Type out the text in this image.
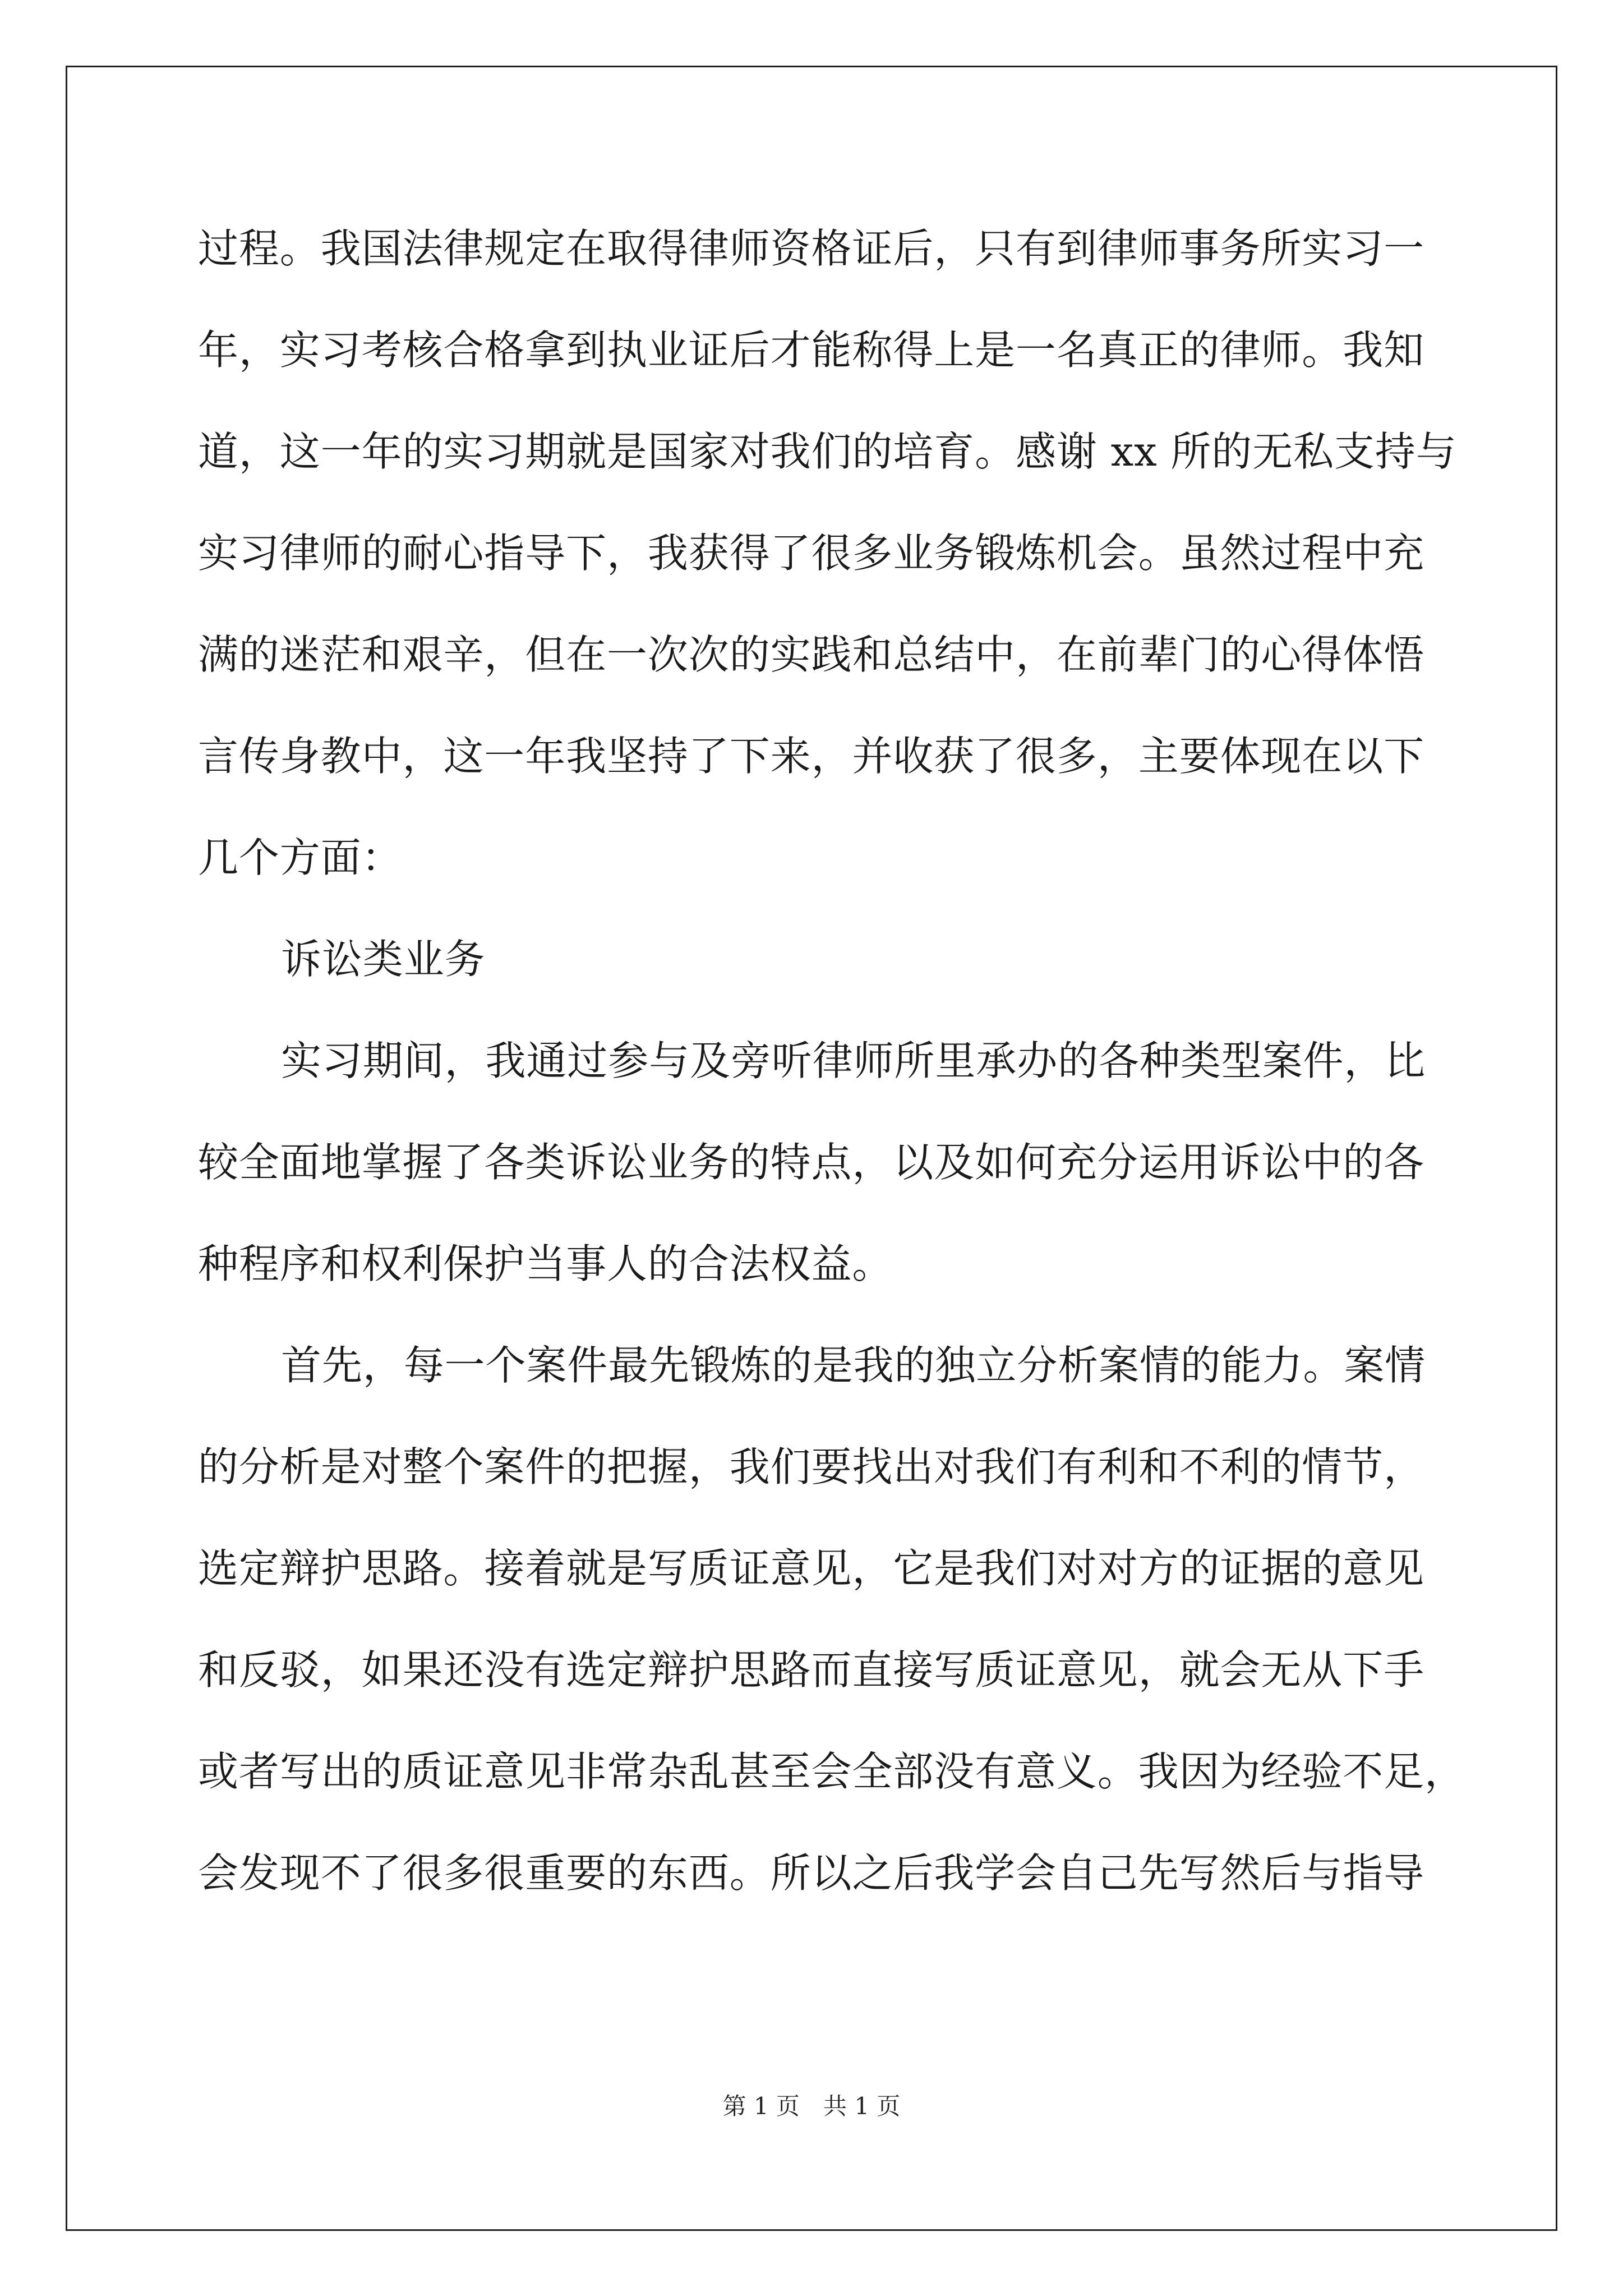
过程。我国法律规定在取得律师资格证后，只有到律师事务所实习一
年，实习考核合格拿到执业证后才能称得上是一名真正的律师。我知
道，这一年的实习期就是国家对我们的培育。感谢 xx 所的无私支持与
实习律师的耐心指导下，我获得了很多业务锻炼机会。虽然过程中充
满的迷茫和艰辛，但在一次次的实践和总结中，在前辈门的心得体悟
言传身教中，这一年我坚持了下来，并收获了很多，主要体现在以下
几个方面：
诉讼类业务
实习期间，我通过参与及旁听律师所里承办的各种类型案件，比
较全面地掌握了各类诉讼业务的特点，以及如何充分运用诉讼中的各
种程序和权利保护当事人的合法权益。
首先，每一个案件最先锻炼的是我的独立分析案情的能力。案情
的分析是对整个案件的把握，我们要找出对我们有利和不利的情节，
选定辩护思路。接着就是写质证意见，它是我们对对方的证据的意见
和反驳，如果还没有选定辩护思路而直接写质证意见，就会无从下手
或者写出的质证意见非常杂乱甚至会全部没有意义。我因为经验不足，
会发现不了很多很重要的东西。所以之后我学会自己先写然后与指导
第 1 页　共 1 页
